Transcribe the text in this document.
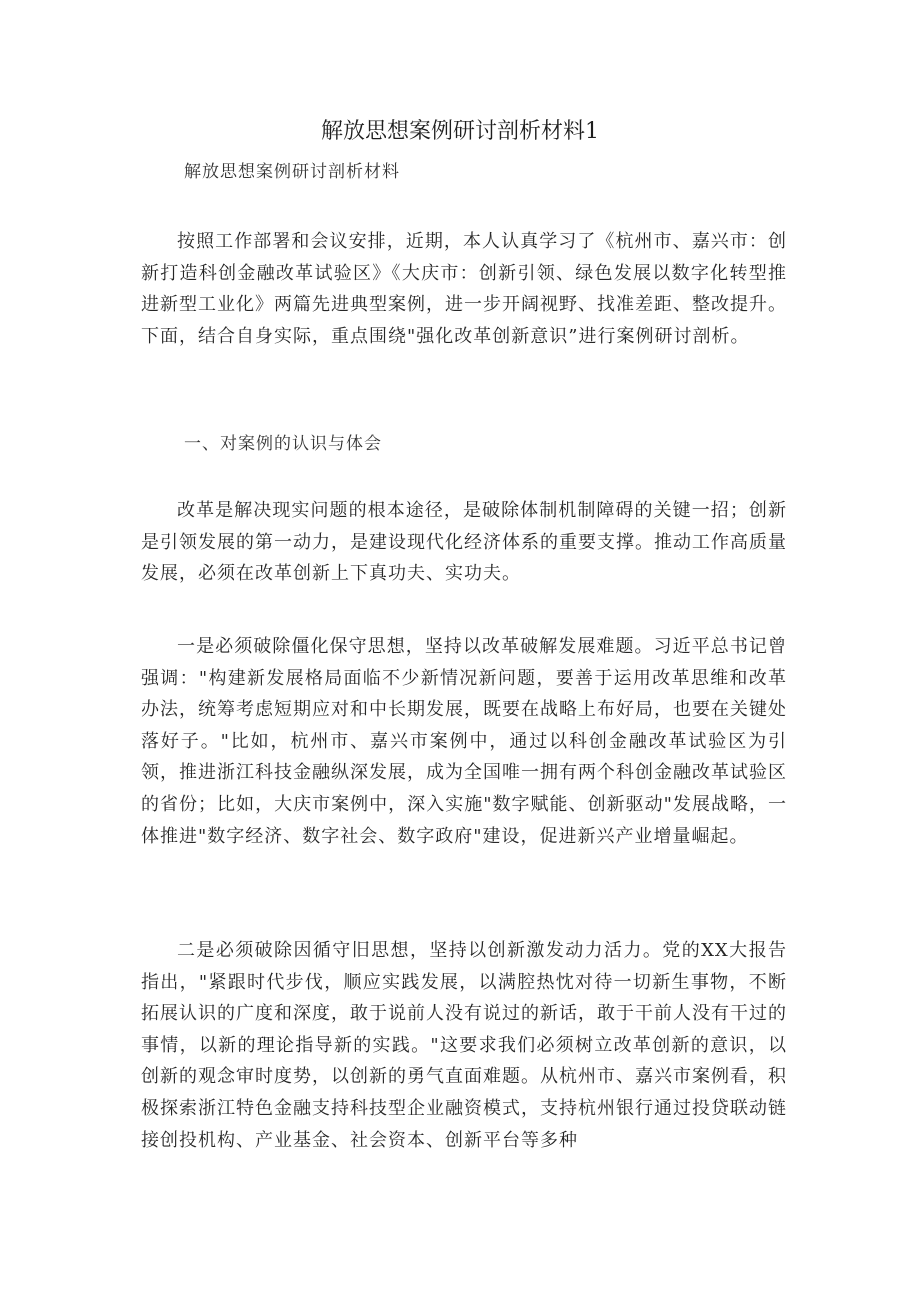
解放思想案例研讨剖析材料1
解放思想案例研讨剖析材料
按照工作部署和会议安排，近期，本人认真学习了《杭州市、嘉兴市：创新打造科创金融改革试验区》《大庆市：创新引领、绿色发展以数字化转型推进新型工业化》两篇先进典型案例，进一步开阔视野、找准差距、整改提升。下面，结合自身实际，重点围绕"强化改革创新意识”进行案例研讨剖析。
一、对案例的认识与体会
改革是解决现实问题的根本途径，是破除体制机制障碍的关键一招；创新是引领发展的第一动力，是建设现代化经济体系的重要支撑。推动工作高质量发展，必须在改革创新上下真功夫、实功夫。
一是必须破除僵化保守思想，坚持以改革破解发展难题。习近平总书记曾强调："构建新发展格局面临不少新情况新问题，要善于运用改革思维和改革办法，统筹考虑短期应对和中长期发展，既要在战略上布好局，也要在关键处落好子。"比如，杭州市、嘉兴市案例中，通过以科创金融改革试验区为引领，推进浙江科技金融纵深发展，成为全国唯一拥有两个科创金融改革试验区的省份；比如，大庆市案例中，深入实施"数字赋能、创新驱动"发展战略，一体推进"数字经济、数字社会、数字政府"建设，促进新兴产业增量崛起。
二是必须破除因循守旧思想，坚持以创新激发动力活力。党的XX大报告指出，"紧跟时代步伐，顺应实践发展，以满腔热忱对待一切新生事物，不断拓展认识的广度和深度，敢于说前人没有说过的新话，敢于干前人没有干过的事情，以新的理论指导新的实践。"这要求我们必须树立改革创新的意识，以创新的观念审时度势，以创新的勇气直面难题。从杭州市、嘉兴市案例看，积极探索浙江特色金融支持科技型企业融资模式，支持杭州银行通过投贷联动链接创投机构、产业基金、社会资本、创新平台等多种
